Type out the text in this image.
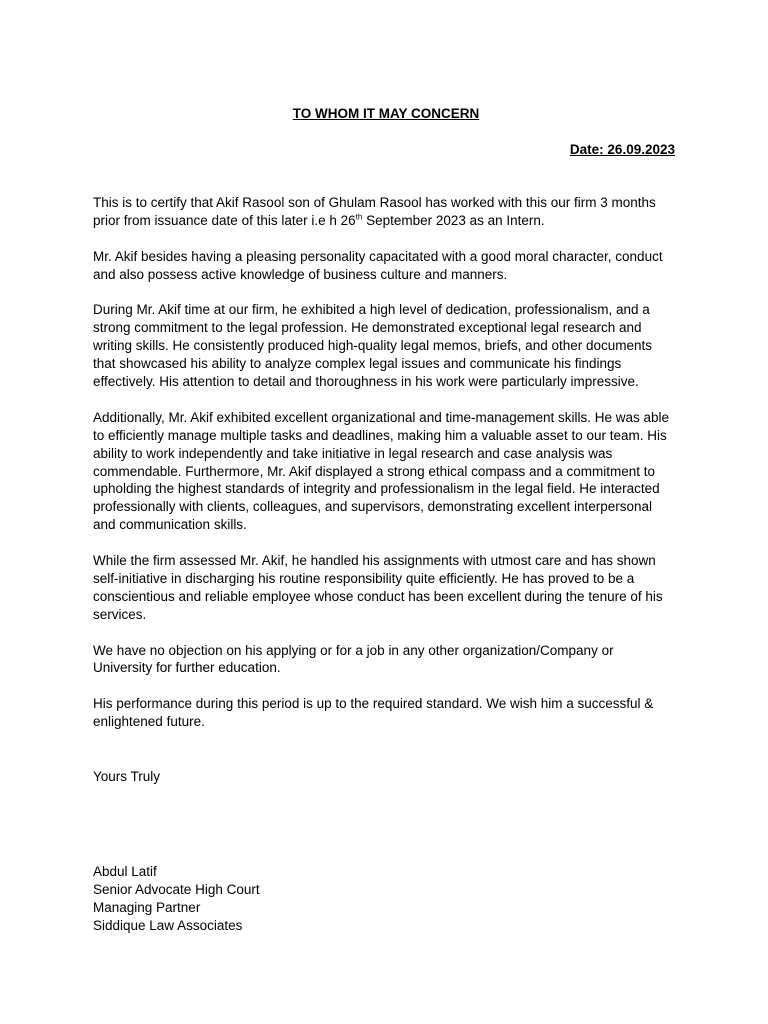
TO WHOM IT MAY CONCERN
Date: 26.09.2023

This is to certify that Akif Rasool son of Ghulam Rasool has worked with this our firm 3 months prior from issuance date of this later i.e h 26th September 2023 as an Intern.

Mr. Akif besides having a pleasing personality capacitated with a good moral character, conduct and also possess active knowledge of business culture and manners.

During Mr. Akif time at our firm, he exhibited a high level of dedication, professionalism, and a strong commitment to the legal profession. He demonstrated exceptional legal research and writing skills. He consistently produced high-quality legal memos, briefs, and other documents that showcased his ability to analyze complex legal issues and communicate his findings effectively. His attention to detail and thoroughness in his work were particularly impressive.

Additionally, Mr. Akif exhibited excellent organizational and time-management skills. He was able to efficiently manage multiple tasks and deadlines, making him a valuable asset to our team. His ability to work independently and take initiative in legal research and case analysis was commendable. Furthermore, Mr. Akif displayed a strong ethical compass and a commitment to upholding the highest standards of integrity and professionalism in the legal field. He interacted professionally with clients, colleagues, and supervisors, demonstrating excellent interpersonal and communication skills.

While the firm assessed Mr. Akif, he handled his assignments with utmost care and has shown self-initiative in discharging his routine responsibility quite efficiently. He has proved to be a conscientious and reliable employee whose conduct has been excellent during the tenure of his services.

We have no objection on his applying or for a job in any other organization/Company or University for further education.

His performance during this period is up to the required standard. We wish him a successful & enlightened future.

Yours Truly
Abdul Latif
Senior Advocate High Court
Managing Partner
Siddique Law Associates
